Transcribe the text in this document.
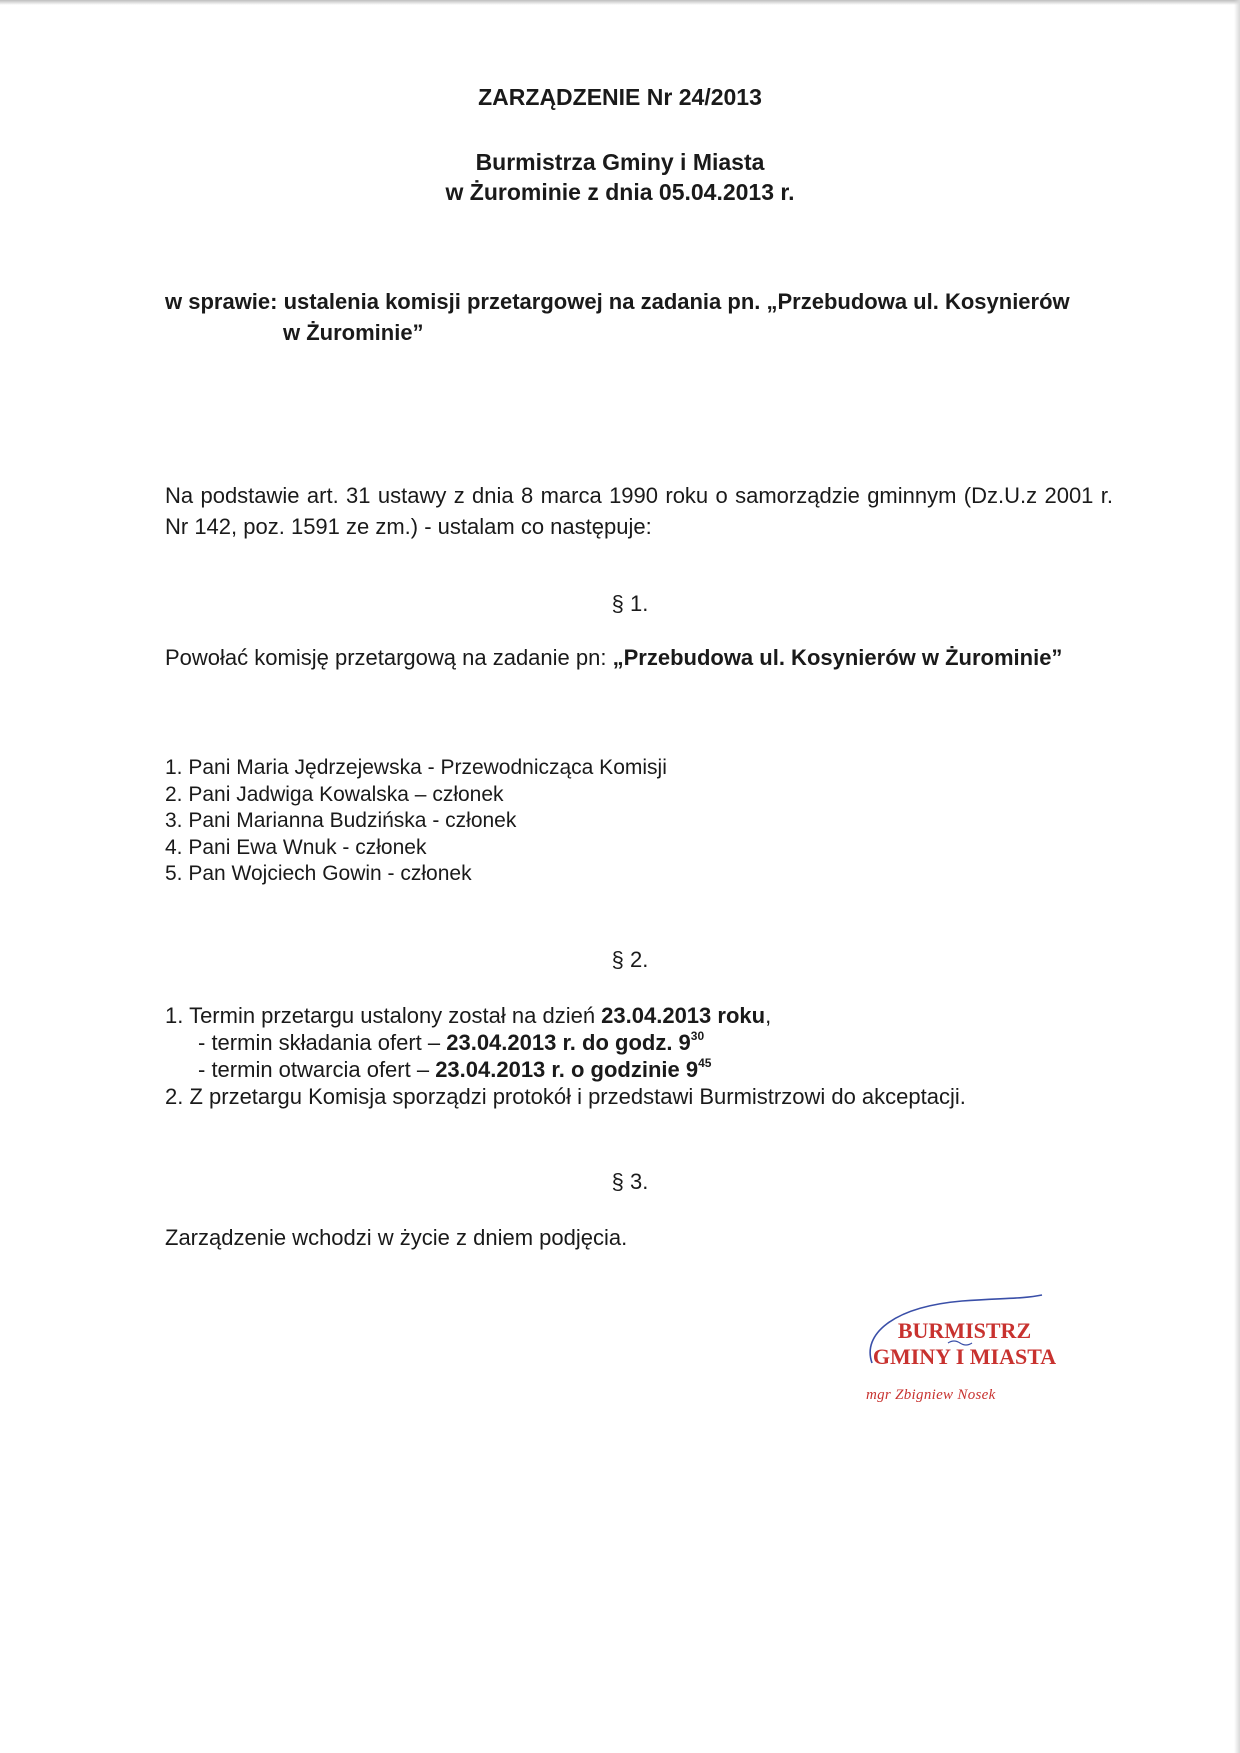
ZARZĄDZENIE Nr 24/2013
Burmistrza Gminy i Miasta
w Żurominie z dnia 05.04.2013 r.
w sprawie: ustalenia komisji przetargowej na zadania pn. „Przebudowa ul. Kosynierów
w Żurominie”
Na podstawie art. 31 ustawy z dnia 8 marca 1990 roku o samorządzie gminnym (Dz.U.z 2001 r. Nr 142, poz. 1591 ze zm.) - ustalam co następuje:
§ 1.
Powołać komisję przetargową na zadanie pn: „Przebudowa ul. Kosynierów w Żurominie”
1. Pani Maria Jędrzejewska - Przewodnicząca Komisji
2. Pani Jadwiga Kowalska – członek
3. Pani Marianna Budzińska - członek
4. Pani Ewa Wnuk - członek
5. Pan Wojciech Gowin - członek
§ 2.
1. Termin przetargu ustalony został na dzień 23.04.2013 roku,
- termin składania ofert – 23.04.2013 r. do godz. $9^{30}$
- termin otwarcia ofert – 23.04.2013 r. o godzinie $9^{45}$
2. Z przetargu Komisja sporządzi protokół i przedstawi Burmistrzowi do akceptacji.
§ 3.
Zarządzenie wchodzi w życie z dniem podjęcia.
BURMISTRZ
GMINY I MIASTA
mgr Zbigniew Nosek
